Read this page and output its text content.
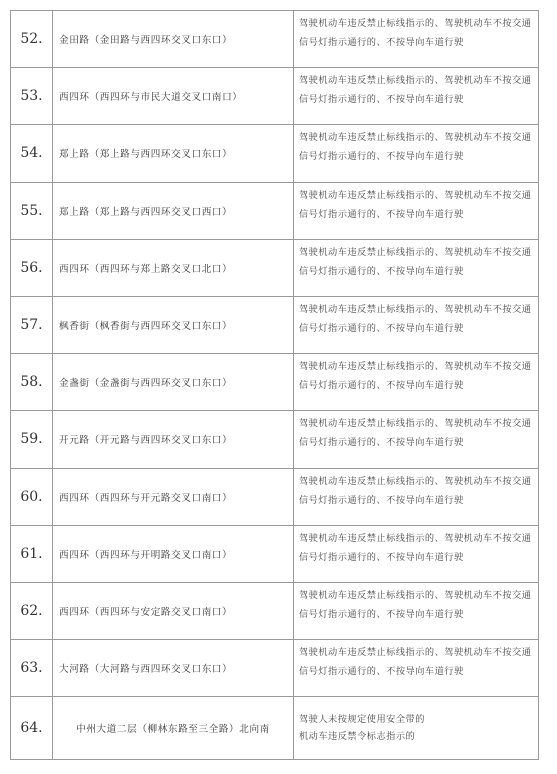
52.	金田路（金田路与西四环交叉口东口）	驾驶机动车违反禁止标线指示的、驾驶机动车不按交通信号灯指示通行的、不按导向车道行驶
53.	西四环（西四环与市民大道交叉口南口）	驾驶机动车违反禁止标线指示的、驾驶机动车不按交通信号灯指示通行的、不按导向车道行驶
54.	郑上路（郑上路与西四环交叉口东口）	驾驶机动车违反禁止标线指示的、驾驶机动车不按交通信号灯指示通行的、不按导向车道行驶
55.	郑上路（郑上路与西四环交叉口西口）	驾驶机动车违反禁止标线指示的、驾驶机动车不按交通信号灯指示通行的、不按导向车道行驶
56.	西四环（西四环与郑上路交叉口北口）	驾驶机动车违反禁止标线指示的、驾驶机动车不按交通信号灯指示通行的、不按导向车道行驶
57.	枫香街（枫香街与西四环交叉口东口）	驾驶机动车违反禁止标线指示的、驾驶机动车不按交通信号灯指示通行的、不按导向车道行驶
58.	金盏街（金盏街与西四环交叉口东口）	驾驶机动车违反禁止标线指示的、驾驶机动车不按交通信号灯指示通行的、不按导向车道行驶
59.	开元路（开元路与西四环交叉口东口）	驾驶机动车违反禁止标线指示的、驾驶机动车不按交通信号灯指示通行的、不按导向车道行驶
60.	西四环（西四环与开元路交叉口南口）	驾驶机动车违反禁止标线指示的、驾驶机动车不按交通信号灯指示通行的、不按导向车道行驶
61.	西四环（西四环与开明路交叉口南口）	驾驶机动车违反禁止标线指示的、驾驶机动车不按交通信号灯指示通行的、不按导向车道行驶
62.	西四环（西四环与安定路交叉口南口）	驾驶机动车违反禁止标线指示的、驾驶机动车不按交通信号灯指示通行的、不按导向车道行驶
63.	大河路（大河路与西四环交叉口东口）	驾驶机动车违反禁止标线指示的、驾驶机动车不按交通信号灯指示通行的、不按导向车道行驶
64.	中州大道二层（柳林东路至三全路）北向南	驾驶人未按规定使用安全带的
机动车违反禁令标志指示的
